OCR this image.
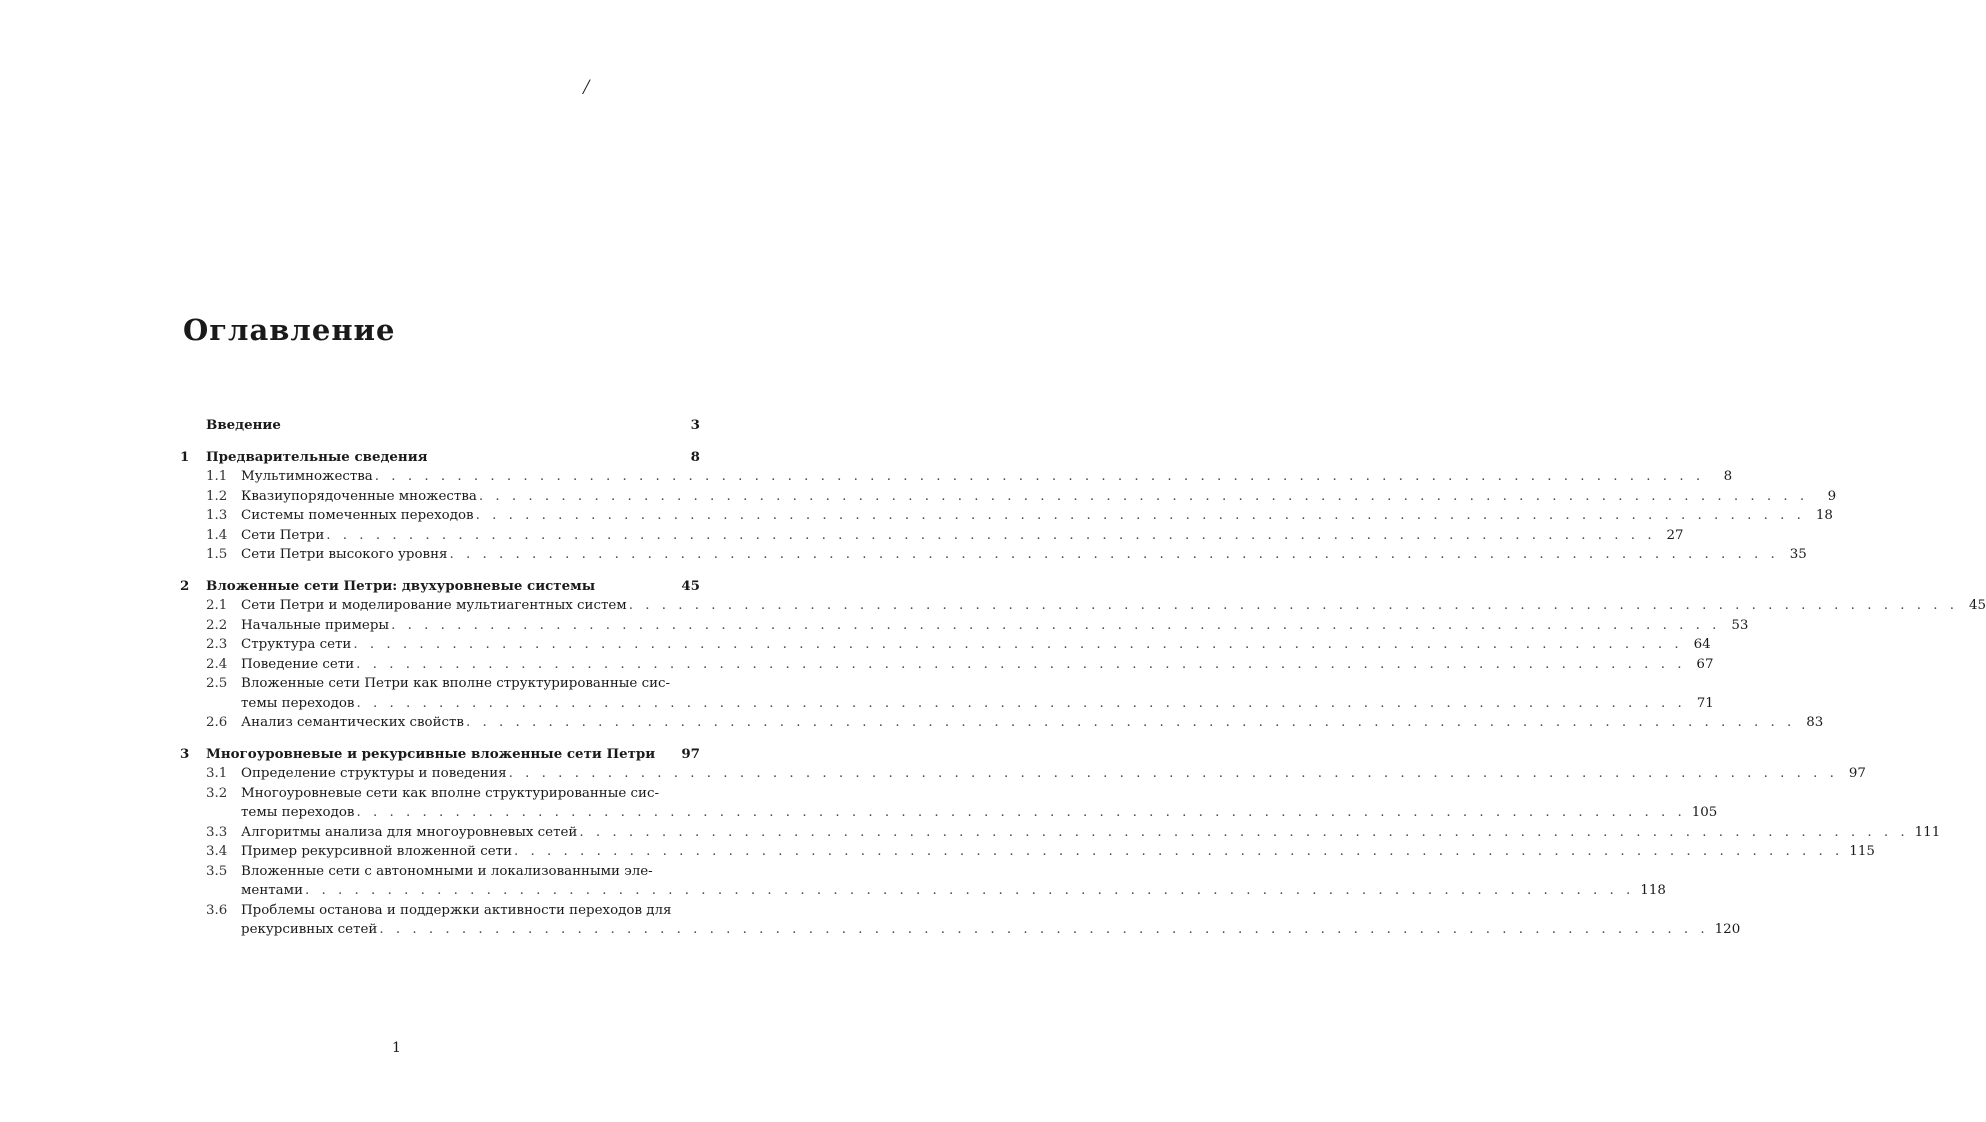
/
Оглавление
Введение	3
1	Предварительные сведения	8
1.1	Мультимножества . . .	8
1.2	Квазиупорядоченные множества . . .	9
1.3	Системы помеченных переходов . . .	18
1.4	Сети Петри . . .	27
1.5	Сети Петри высокого уровня . . .	35
2	Вложенные сети Петри: двухуровневые системы	45
2.1	Сети Петри и моделирование мультиагентных систем . . .	45
2.2	Начальные примеры . . .	53
2.3	Структура сети . . .	64
2.4	Поведение сети . . .	67
2.5	Вложенные сети Петри как вполне структурированные сис-
темы переходов . . .	71
2.6	Анализ семантических свойств . . .	83
3	Многоуровневые и рекурсивные вложенные сети Петри	97
3.1	Определение структуры и поведения . . .	97
3.2	Многоуровневые сети как вполне структурированные сис-
темы переходов . . .	105
3.3	Алгоритмы анализа для многоуровневых сетей . . .	111
3.4	Пример рекурсивной вложенной сети . . .	115
3.5	Вложенные сети с автономными и локализованными эле-
ментами . . .	118
3.6	Проблемы останова и поддержки активности переходов для
рекурсивных сетей . . .	120
1
